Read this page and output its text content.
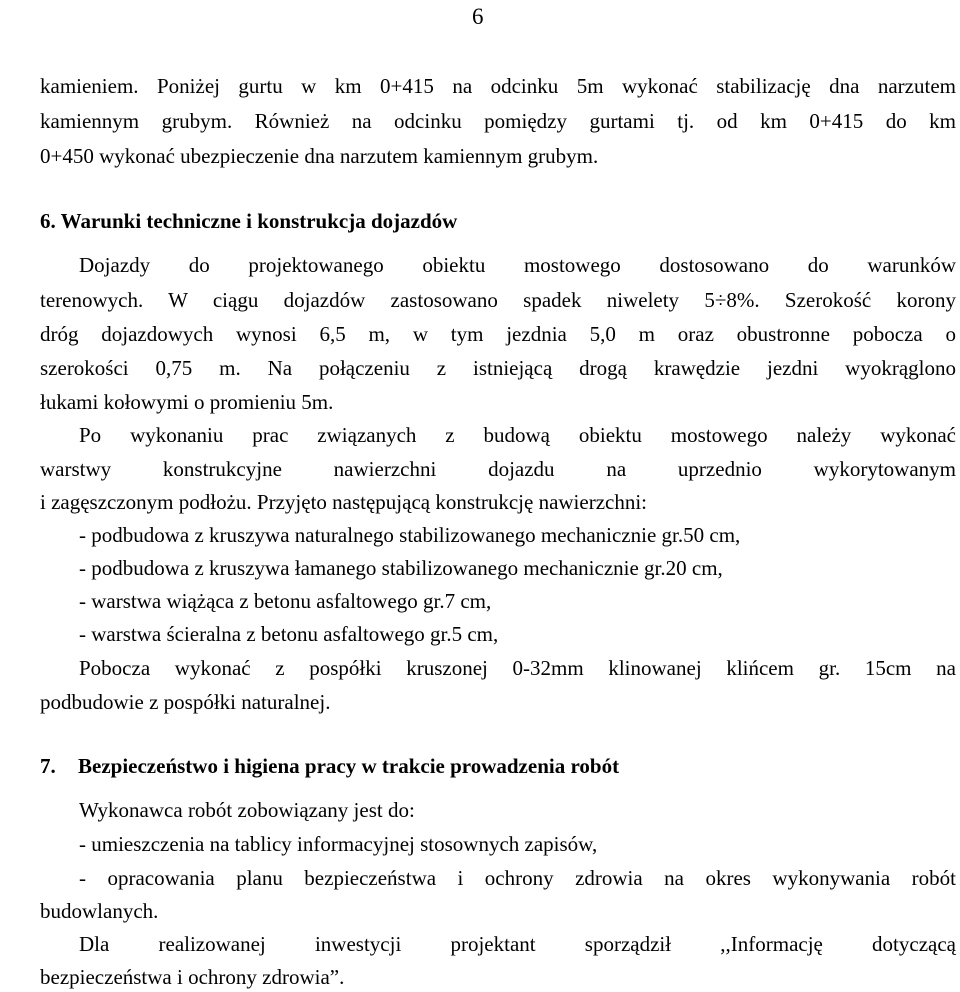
6
kamieniem. Poniżej gurtu w km 0+415 na odcinku 5m wykonać stabilizację dna narzutem
kamiennym grubym. Również na odcinku pomiędzy gurtami tj. od km 0+415 do km
0+450 wykonać ubezpieczenie dna narzutem kamiennym grubym.
6. Warunki techniczne i konstrukcja dojazdów
Dojazdy do projektowanego obiektu mostowego dostosowano do warunków
terenowych. W ciągu dojazdów zastosowano spadek niwelety 5÷8%. Szerokość korony
dróg dojazdowych wynosi 6,5 m, w tym jezdnia 5,0 m oraz obustronne pobocza o
szerokości 0,75 m. Na połączeniu z istniejącą drogą krawędzie jezdni wyokrąglono
łukami kołowymi o promieniu 5m.
Po wykonaniu prac związanych z budową obiektu mostowego należy wykonać
warstwy konstrukcyjne nawierzchni dojazdu na uprzednio wykorytowanym
i zagęszczonym podłożu. Przyjęto następującą konstrukcję nawierzchni:
- podbudowa z kruszywa naturalnego stabilizowanego mechanicznie gr.50 cm,
- podbudowa z kruszywa łamanego stabilizowanego mechanicznie gr.20 cm,
- warstwa wiążąca z betonu asfaltowego gr.7 cm,
- warstwa ścieralna z betonu asfaltowego gr.5 cm,
Pobocza wykonać z pospółki kruszonej 0-32mm klinowanej klińcem gr. 15cm na
podbudowie z pospółki naturalnej.
7. Bezpieczeństwo i higiena pracy w trakcie prowadzenia robót
Wykonawca robót zobowiązany jest do:
- umieszczenia na tablicy informacyjnej stosownych zapisów,
- opracowania planu bezpieczeństwa i ochrony zdrowia na okres wykonywania robót
budowlanych.
Dla realizowanej inwestycji projektant sporządził ,,Informację dotyczącą
bezpieczeństwa i ochrony zdrowia”.
